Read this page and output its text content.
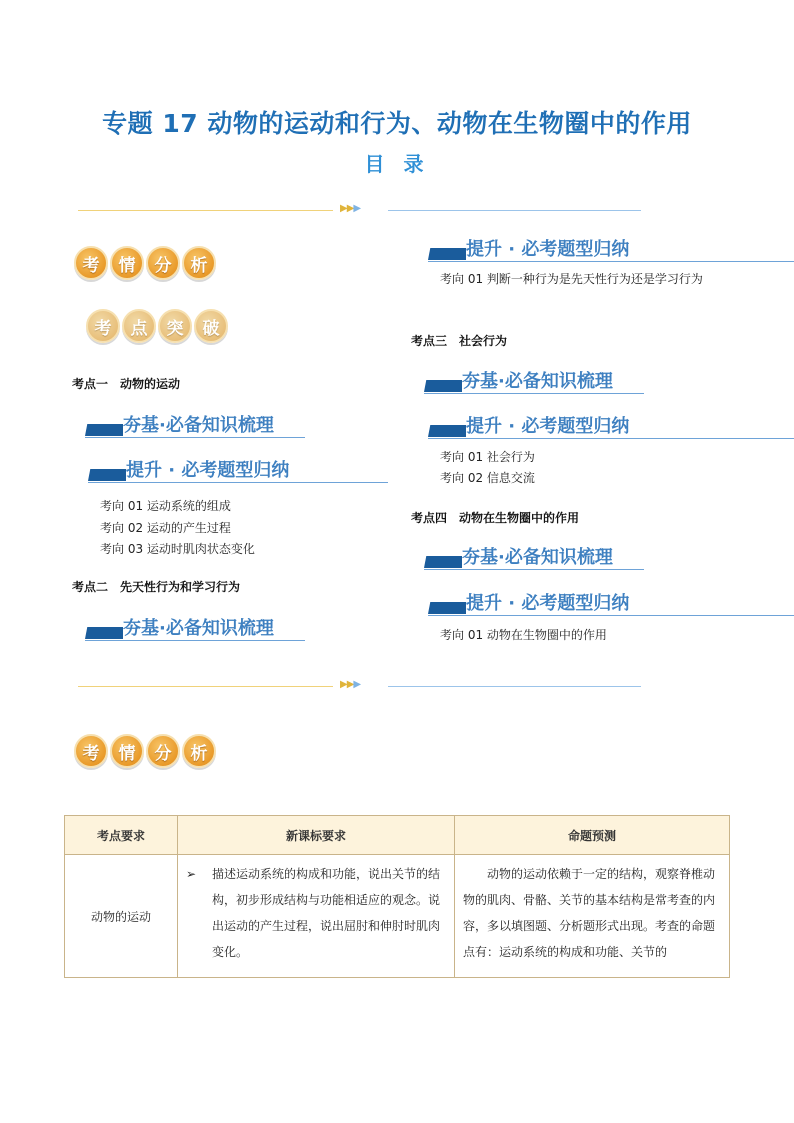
专题 17 动物的运动和行为、动物在生物圈中的作用
目 录
▶▶▶
考	情	分	析
考	点	突	破
考点一 动物的运动
夯基·必备知识梳理
提升 · 必考题型归纳
考向 01 运动系统的组成
考向 02 运动的产生过程
考向 03 运动时肌肉状态变化
考点二 先天性行为和学习行为
夯基·必备知识梳理
提升 · 必考题型归纳
考向 01 判断一种行为是先天性行为还是学习行为
考点三 社会行为
夯基·必备知识梳理
提升 · 必考题型归纳
考向 01 社会行为
考向 02 信息交流
考点四 动物在生物圈中的作用
夯基·必备知识梳理
提升 · 必考题型归纳
考向 01 动物在生物圈中的作用
▶▶▶
考	情	分	析
考点要求	新课标要求	命题预测
动物的运动	➢ 描述运动系统的构成和功能，说出关节的结构，初步形成结构与功能相适应的观念。说出运动的产生过程，说出屈肘和伸肘时肌肉变化。	动物的运动依赖于一定的结构，观察脊椎动物的肌肉、骨骼、关节的基本结构是常考查的内容，多以填图题、分析题形式出现。考查的命题点有：运动系统的构成和功能、关节的
